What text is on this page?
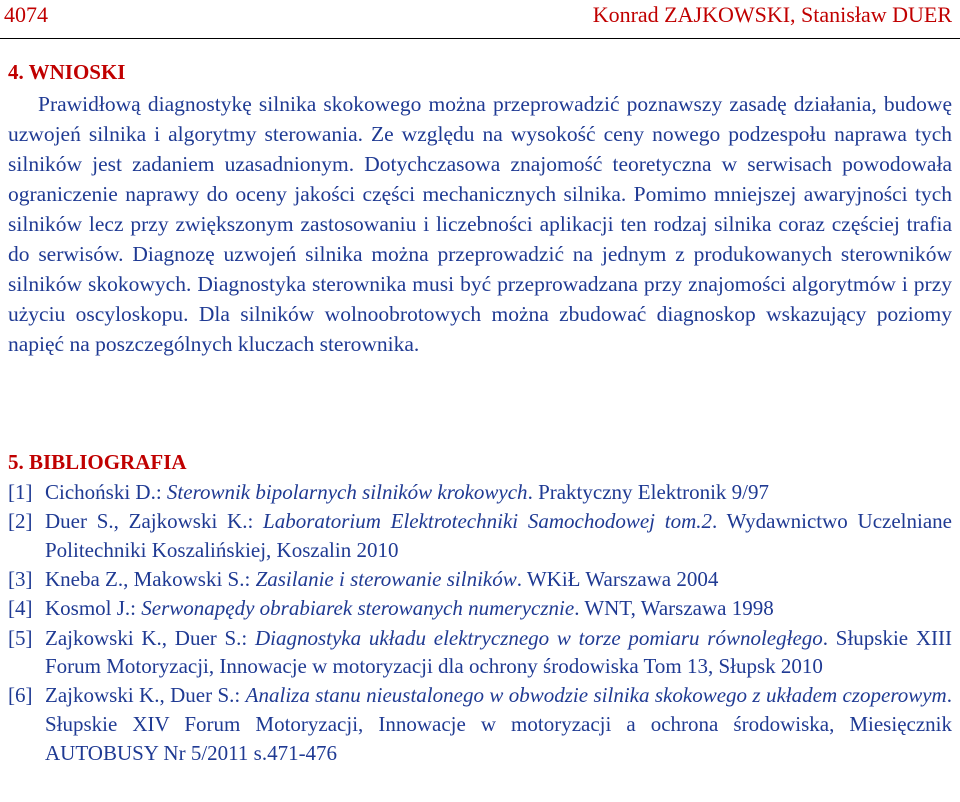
4074	Konrad ZAJKOWSKI, Stanisław DUER
4. WNIOSKI

Prawidłową diagnostykę silnika skokowego można przeprowadzić poznawszy zasadę działania, budowę uzwojeń silnika i algorytmy sterowania. Ze względu na wysokość ceny nowego podzespołu naprawa tych silników jest zadaniem uzasadnionym. Dotychczasowa znajomość teoretyczna w serwisach powodowała ograniczenie naprawy do oceny jakości części mechanicznych silnika. Pomimo mniejszej awaryjności tych silników lecz przy zwiększonym zastosowaniu i liczebności aplikacji ten rodzaj silnika coraz częściej trafia do serwisów. Diagnozę uzwojeń silnika można przeprowadzić na jednym z produkowanych sterowników silników skokowych. Diagnostyka sterownika musi być przeprowadzana przy znajomości algorytmów i przy użyciu oscyloskopu. Dla silników wolnoobrotowych można zbudować diagnoskop wskazujący poziomy napięć na poszczególnych kluczach sterownika.

5. BIBLIOGRAFIA
[1] Cichoński D.: Sterownik bipolarnych silników krokowych. Praktyczny Elektronik 9/97
[2] Duer S., Zajkowski K.: Laboratorium Elektrotechniki Samochodowej tom.2. Wydawnictwo Uczelniane Politechniki Koszalińskiej, Koszalin 2010
[3] Kneba Z., Makowski S.: Zasilanie i sterowanie silników. WKiŁ Warszawa 2004
[4] Kosmol J.: Serwonapędy obrabiarek sterowanych numerycznie. WNT, Warszawa 1998
[5] Zajkowski K., Duer S.: Diagnostyka układu elektrycznego w torze pomiaru równoległego. Słupskie XIII Forum Motoryzacji, Innowacje w motoryzacji dla ochrony środowiska Tom 13, Słupsk 2010
[6] Zajkowski K., Duer S.: Analiza stanu nieustalonego w obwodzie silnika skokowego z układem czoperowym. Słupskie XIV Forum Motoryzacji, Innowacje w motoryzacji a ochrona środowiska, Miesięcznik AUTOBUSY Nr 5/2011 s.471-476
